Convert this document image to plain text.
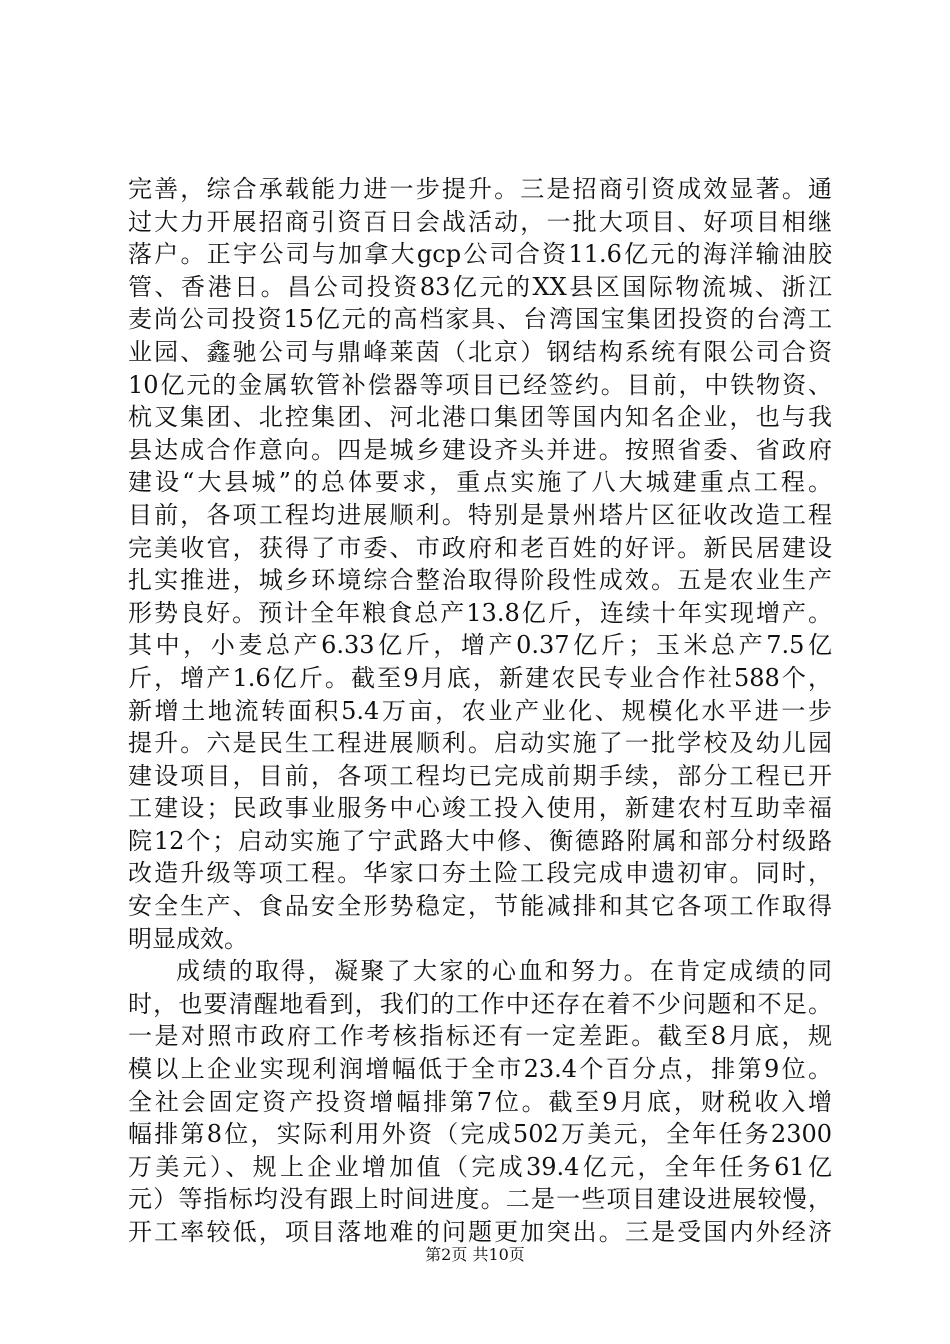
完善，综合承载能力进一步提升。三是招商引资成效显著。通
过大力开展招商引资百日会战活动，一批大项目、好项目相继
落户。正宇公司与加拿大gcp公司合资11.6亿元的海洋输油胶
管、香港日。昌公司投资83亿元的XX县区国际物流城、浙江
麦尚公司投资15亿元的高档家具、台湾国宝集团投资的台湾工
业园、鑫驰公司与鼎峰莱茵（北京）钢结构系统有限公司合资
10亿元的金属软管补偿器等项目已经签约。目前，中铁物资、
杭叉集团、北控集团、河北港口集团等国内知名企业，也与我
县达成合作意向。四是城乡建设齐头并进。按照省委、省政府
建设“大县城”的总体要求，重点实施了八大城建重点工程。
目前，各项工程均进展顺利。特别是景州塔片区征收改造工程
完美收官，获得了市委、市政府和老百姓的好评。新民居建设
扎实推进，城乡环境综合整治取得阶段性成效。五是农业生产
形势良好。预计全年粮食总产13.8亿斤，连续十年实现增产。
其中，小麦总产6.33亿斤，增产0.37亿斤；玉米总产7.5亿
斤，增产1.6亿斤。截至9月底，新建农民专业合作社588个，
新增土地流转面积5.4万亩，农业产业化、规模化水平进一步
提升。六是民生工程进展顺利。启动实施了一批学校及幼儿园
建设项目，目前，各项工程均已完成前期手续，部分工程已开
工建设；民政事业服务中心竣工投入使用，新建农村互助幸福
院12个；启动实施了宁武路大中修、衡德路附属和部分村级路
改造升级等项工程。华家口夯土险工段完成申遗初审。同时，
安全生产、食品安全形势稳定，节能减排和其它各项工作取得
明显成效。
成绩的取得，凝聚了大家的心血和努力。在肯定成绩的同
时，也要清醒地看到，我们的工作中还存在着不少问题和不足。
一是对照市政府工作考核指标还有一定差距。截至8月底，规
模以上企业实现利润增幅低于全市23.4个百分点，排第9位。
全社会固定资产投资增幅排第7位。截至9月底，财税收入增
幅排第8位，实际利用外资（完成502万美元，全年任务2300
万美元）、规上企业增加值（完成39.4亿元，全年任务61亿
元）等指标均没有跟上时间进度。二是一些项目建设进展较慢，
开工率较低，项目落地难的问题更加突出。三是受国内外经济
第2页 共10页
